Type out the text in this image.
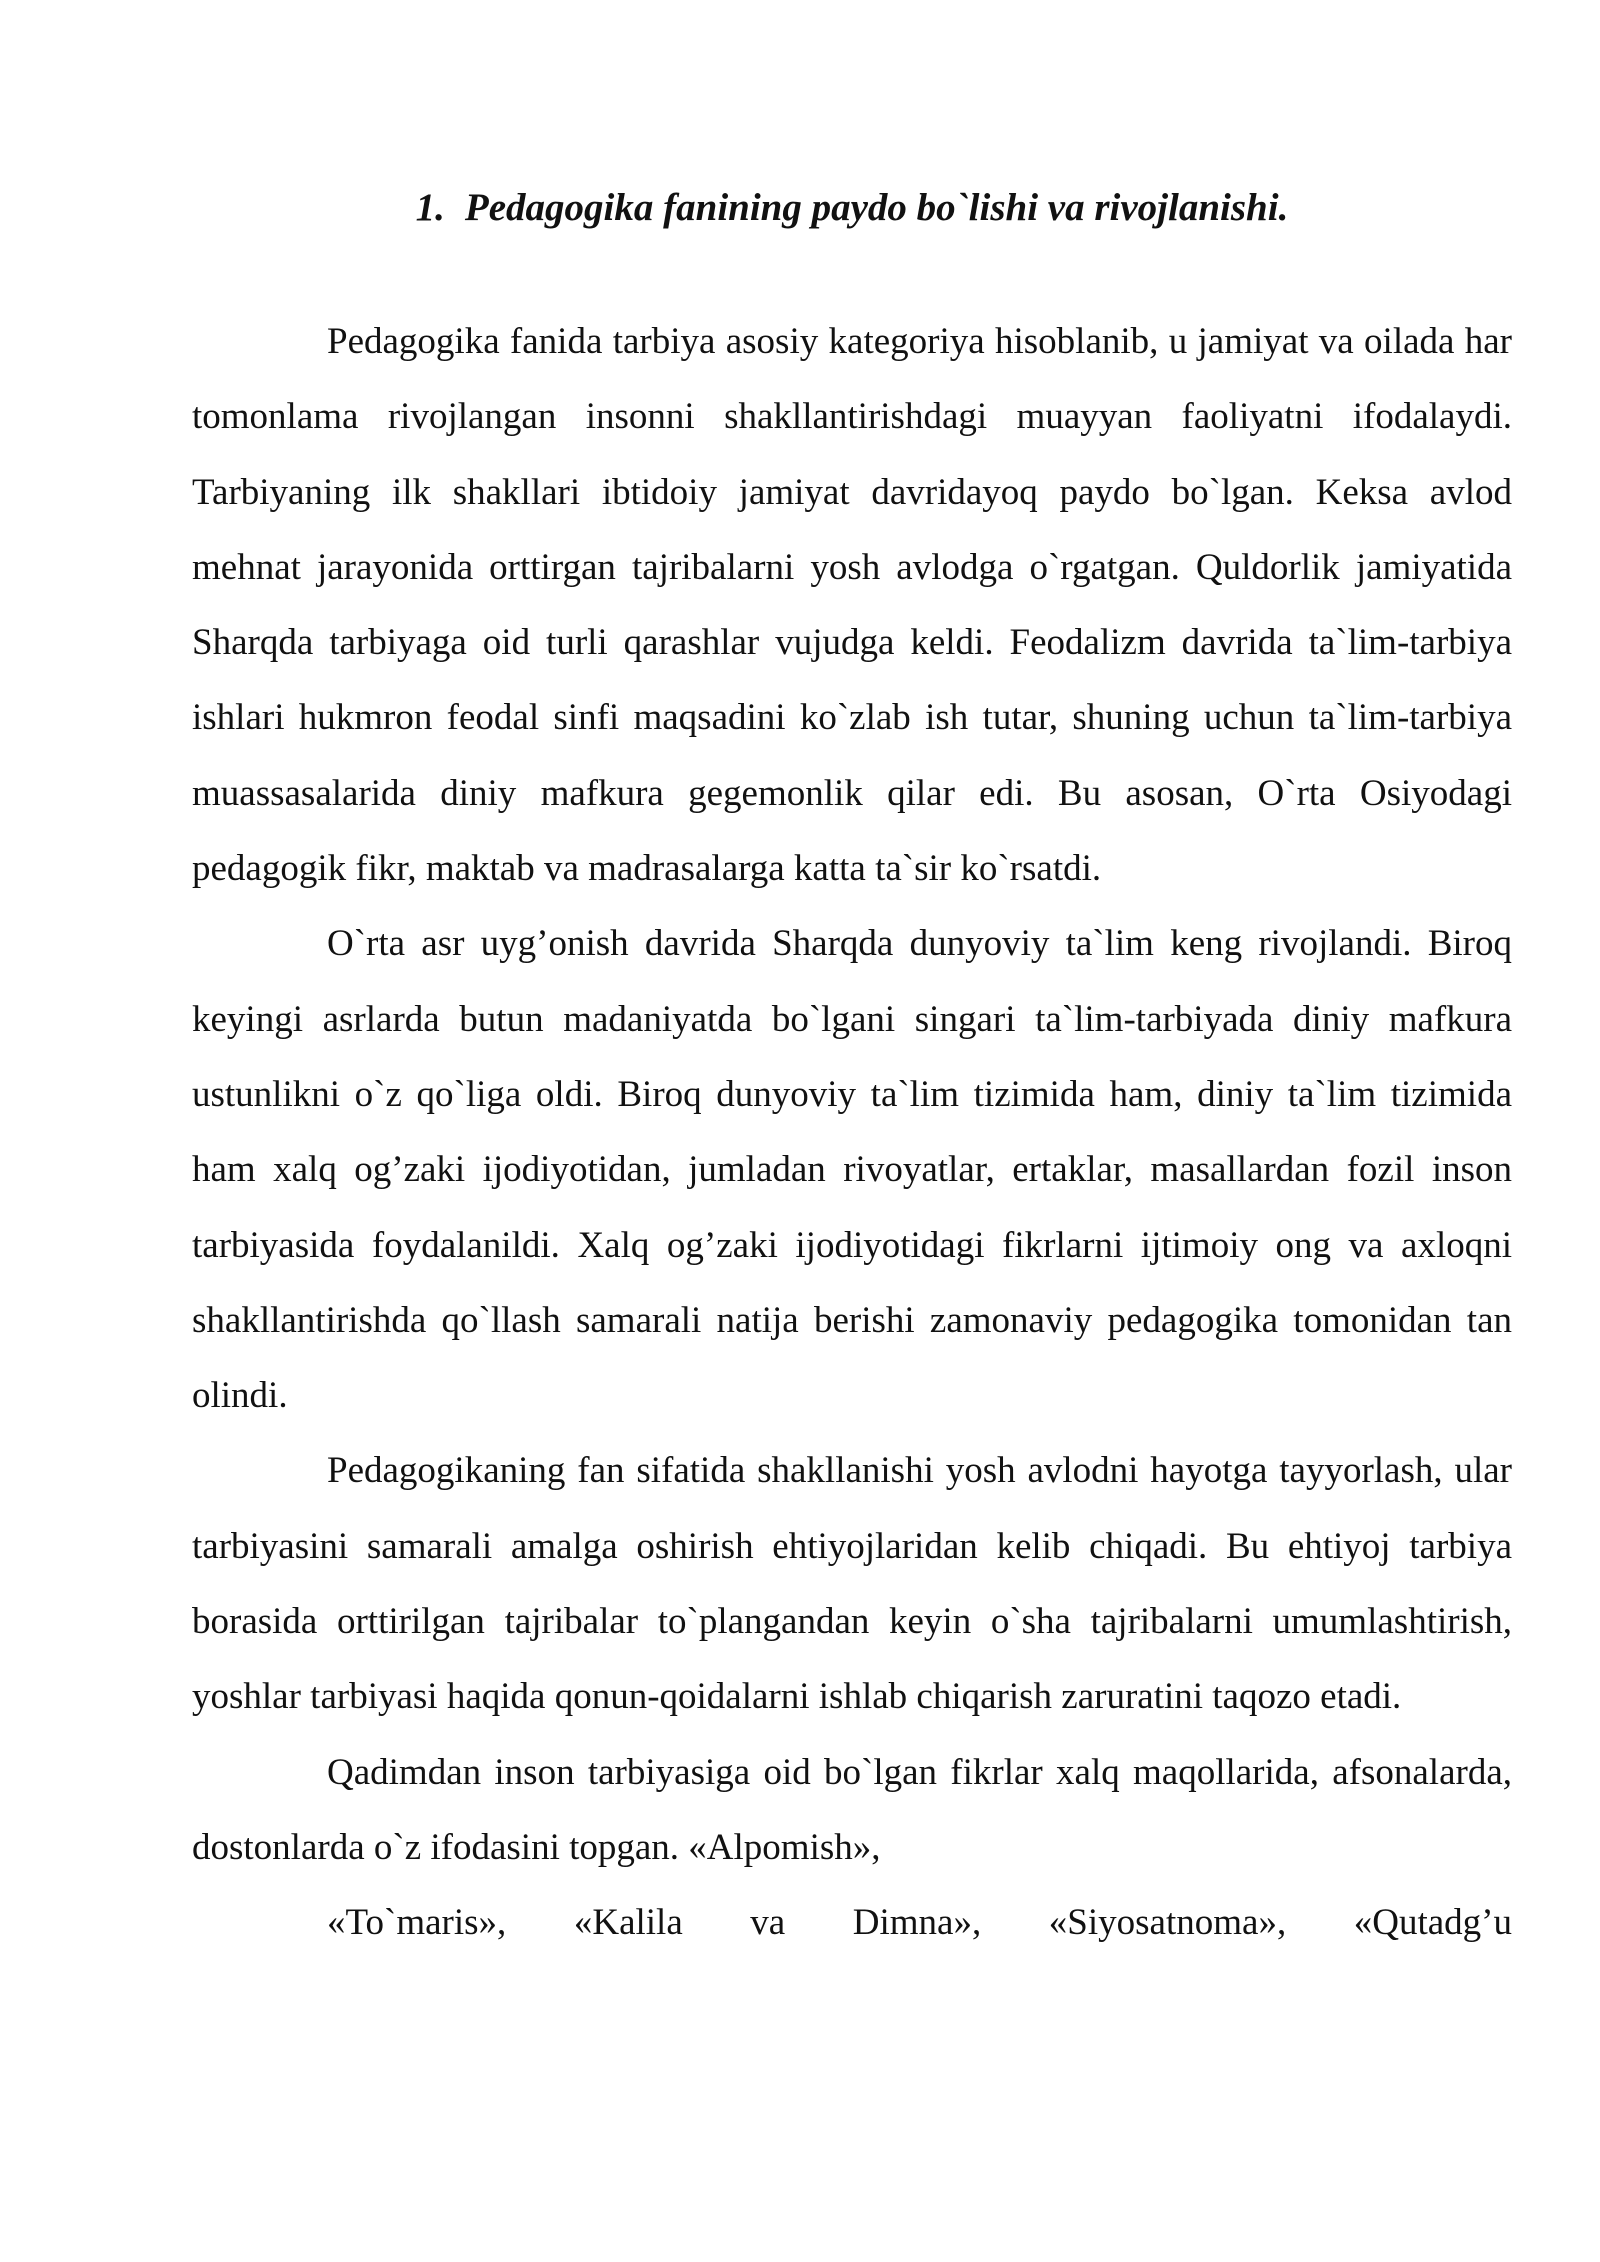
1. Pedagogika fanining paydo bo`lishi va rivojlanishi.

Pedagogika fanida tarbiya asosiy kategoriya hisoblanib, u jamiyat va oilada har tomonlama rivojlangan insonni shakllantirishdagi muayyan faoliyatni ifodalaydi. Tarbiyaning ilk shakllari ibtidoiy jamiyat davridayoq paydo bo`lgan. Keksa avlod mehnat jarayonida orttirgan tajribalarni yosh avlodga o`rgatgan. Quldorlik jamiyatida Sharqda tarbiyaga oid turli qarashlar vujudga keldi. Feodalizm davrida ta`lim-tarbiya ishlari hukmron feodal sinfi maqsadini ko`zlab ish tutar, shuning uchun ta`lim-tarbiya muassasalarida diniy mafkura gegemonlik qilar edi. Bu asosan, O`rta Osiyodagi pedagogik fikr, maktab va madrasalarga katta ta`sir ko`rsatdi.

O`rta asr uyg’onish davrida Sharqda dunyoviy ta`lim keng rivojlandi. Biroq keyingi asrlarda butun madaniyatda bo`lgani singari ta`lim-tarbiyada diniy mafkura ustunlikni o`z qo`liga oldi. Biroq dunyoviy ta`lim tizimida ham, diniy ta`lim tizimida ham xalq og’zaki ijodiyotidan, jumladan rivoyatlar, ertaklar, masallardan fozil inson tarbiyasida foydalanildi. Xalq og’zaki ijodiyotidagi fikrlarni ijtimoiy ong va axloqni shakllantirishda qo`llash samarali natija berishi zamonaviy pedagogika tomonidan tan olindi.

Pedagogikaning fan sifatida shakllanishi yosh avlodni hayotga tayyorlash, ular tarbiyasini samarali amalga oshirish ehtiyojlaridan kelib chiqadi. Bu ehtiyoj tarbiya borasida orttirilgan tajribalar to`plangandan keyin o`sha tajribalarni umumlashtirish, yoshlar tarbiyasi haqida qonun-qoidalarni ishlab chiqarish zaruratini taqozo etadi.

Qadimdan inson tarbiyasiga oid bo`lgan fikrlar xalq maqollarida, afsonalarda, dostonlarda o`z ifodasini topgan. «Alpomish»,

«To`maris», «Kalila va Dimna», «Siyosatnoma», «Qutadg’u
